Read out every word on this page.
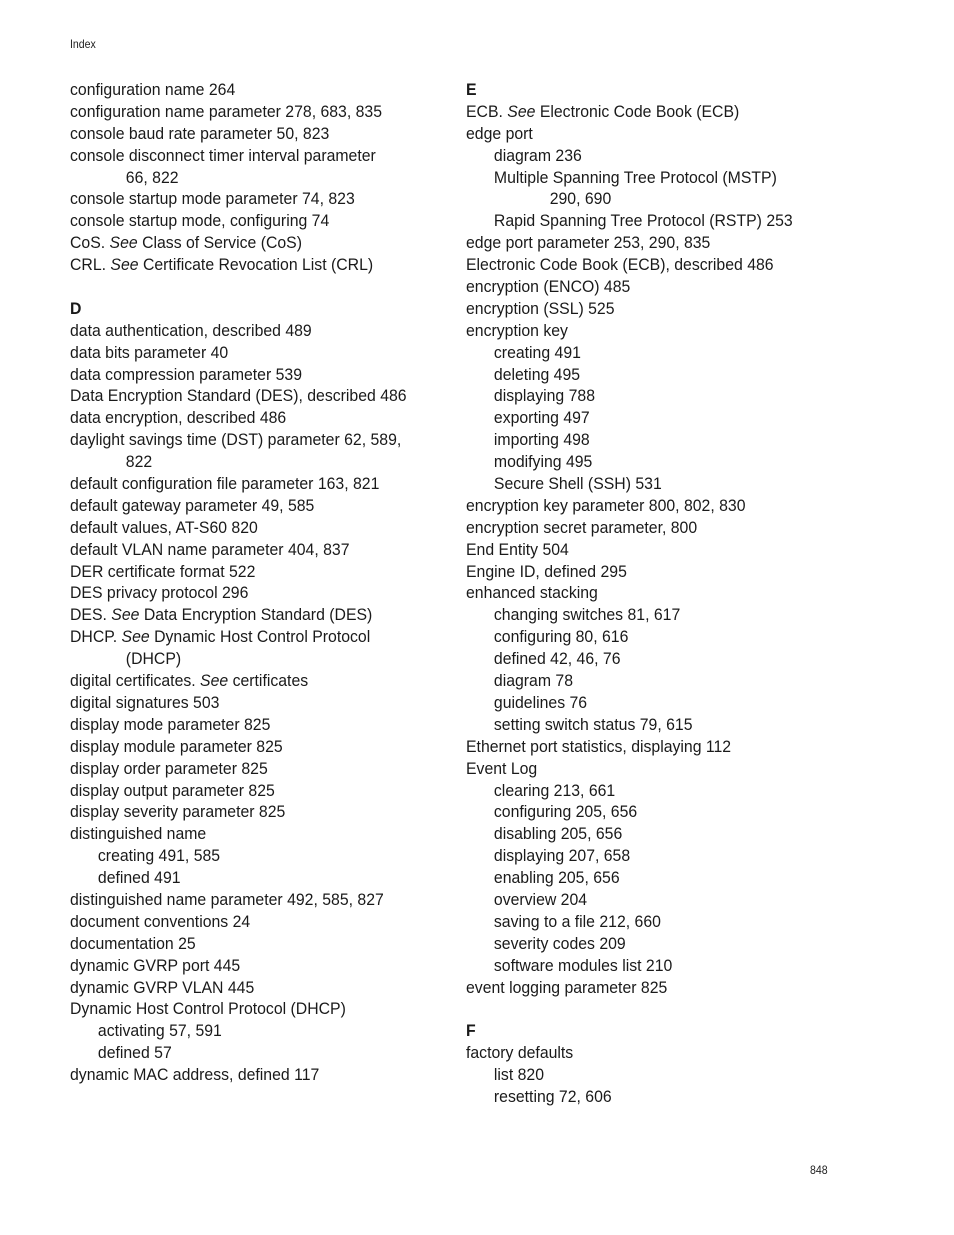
Index
configuration name 264
configuration name parameter 278, 683, 835
console baud rate parameter 50, 823
console disconnect timer interval parameter
66, 822
console startup mode parameter 74, 823
console startup mode, configuring 74
CoS. See Class of Service (CoS)
CRL. See Certificate Revocation List (CRL)
D
data authentication, described 489
data bits parameter 40
data compression parameter 539
Data Encryption Standard (DES), described 486
data encryption, described 486
daylight savings time (DST) parameter 62, 589,
822
default configuration file parameter 163, 821
default gateway parameter 49, 585
default values, AT-S60 820
default VLAN name parameter 404, 837
DER certificate format 522
DES privacy protocol 296
DES. See Data Encryption Standard (DES)
DHCP. See Dynamic Host Control Protocol
(DHCP)
digital certificates. See certificates
digital signatures 503
display mode parameter 825
display module parameter 825
display order parameter 825
display output parameter 825
display severity parameter 825
distinguished name
creating 491, 585
defined 491
distinguished name parameter 492, 585, 827
document conventions 24
documentation 25
dynamic GVRP port 445
dynamic GVRP VLAN 445
Dynamic Host Control Protocol (DHCP)
activating 57, 591
defined 57
dynamic MAC address, defined 117
E
ECB. See Electronic Code Book (ECB)
edge port
diagram 236
Multiple Spanning Tree Protocol (MSTP)
290, 690
Rapid Spanning Tree Protocol (RSTP) 253
edge port parameter 253, 290, 835
Electronic Code Book (ECB), described 486
encryption (ENCO) 485
encryption (SSL) 525
encryption key
creating 491
deleting 495
displaying 788
exporting 497
importing 498
modifying 495
Secure Shell (SSH) 531
encryption key parameter 800, 802, 830
encryption secret parameter, 800
End Entity 504
Engine ID, defined 295
enhanced stacking
changing switches 81, 617
configuring 80, 616
defined 42, 46, 76
diagram 78
guidelines 76
setting switch status 79, 615
Ethernet port statistics, displaying 112
Event Log
clearing 213, 661
configuring 205, 656
disabling 205, 656
displaying 207, 658
enabling 205, 656
overview 204
saving to a file 212, 660
severity codes 209
software modules list 210
event logging parameter 825
F
factory defaults
list 820
resetting 72, 606
848
